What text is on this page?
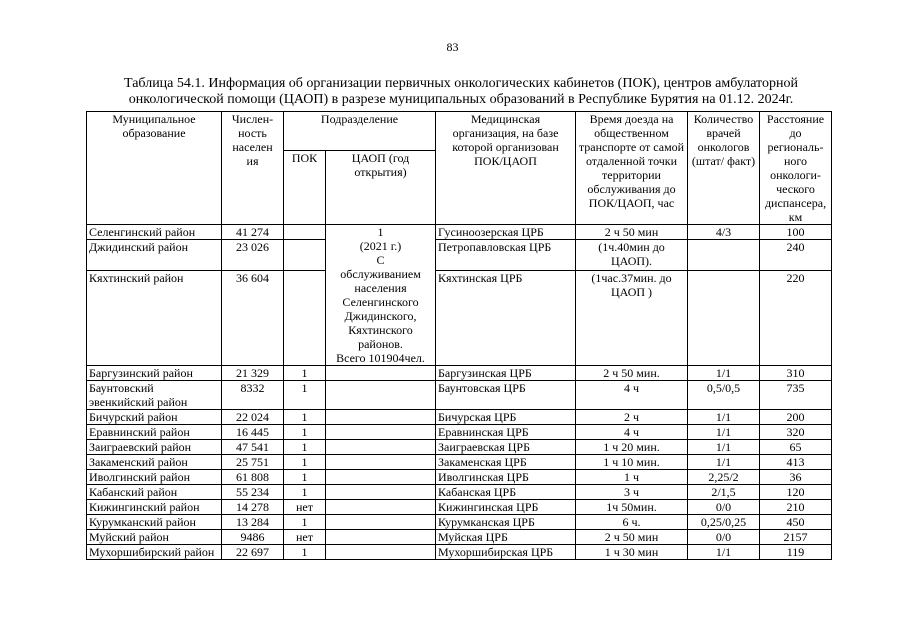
83
Таблица 54.1. Информация об организации первичных онкологических кабинетов (ПОК), центров амбулаторной онкологической помощи (ЦАОП) в разрезе муниципальных образований в Республике Бурятия на 01.12. 2024г.
Муниципальное образование	Числен-
ность
населен
ия	Подразделение		Медицинская организация, на базе которой организован ПОК/ЦАОП	Время доезда на общественном транспорте от самой отдаленной точки территории обслуживания до ПОК/ЦАОП, час	Количество врачей онкологов (штат/ факт)	Расстояние до региональ-ного онкологи-ческого диспансера, км
		ПОК	ЦАОП (год открытия)				
Селенгинский район	41 274		1
(2021 г.)
С
обслуживанием населения Селенгинского Джидинского, Кяхтинского районов.
Всего 101904чел.	Гусиноозерская ЦРБ	2 ч 50 мин	4/3	100
Джидинский район	23 026			Петропавловская ЦРБ	(1ч.40мин до ЦАОП).		240
Кяхтинский район	36 604			Кяхтинская ЦРБ	(1час.37мин. до ЦАОП )		220
Баргузинский район	21 329	1		Баргузинская ЦРБ	2 ч 50 мин.	1/1	310
Баунтовский эвенкийский район	8332	1		Баунтовская ЦРБ	4 ч	0,5/0,5	735
Бичурский район	22 024	1		Бичурская ЦРБ	2 ч	1/1	200
Еравнинский район	16 445	1		Еравнинская ЦРБ	4 ч	1/1	320
Заиграевский район	47 541	1		Заиграевская ЦРБ	1 ч 20 мин.	1/1	65
Закаменский район	25 751	1		Закаменская ЦРБ	1 ч 10 мин.	1/1	413
Иволгинский район	61 808	1		Иволгинская ЦРБ	1 ч	2,25/2	36
Кабанский район	55 234	1		Кабанская ЦРБ	3 ч	2/1,5	120
Кижингинский район	14 278	нет		Кижингинская ЦРБ	1ч 50мин.	0/0	210
Курумканский район	13 284	1		Курумканская ЦРБ	6 ч.	0,25/0,25	450
Муйский район	9486	нет		Муйская ЦРБ	2 ч 50 мин	0/0	2157
Мухоршибирский район	22 697	1		Мухоршибирская ЦРБ	1 ч 30 мин	1/1	119
